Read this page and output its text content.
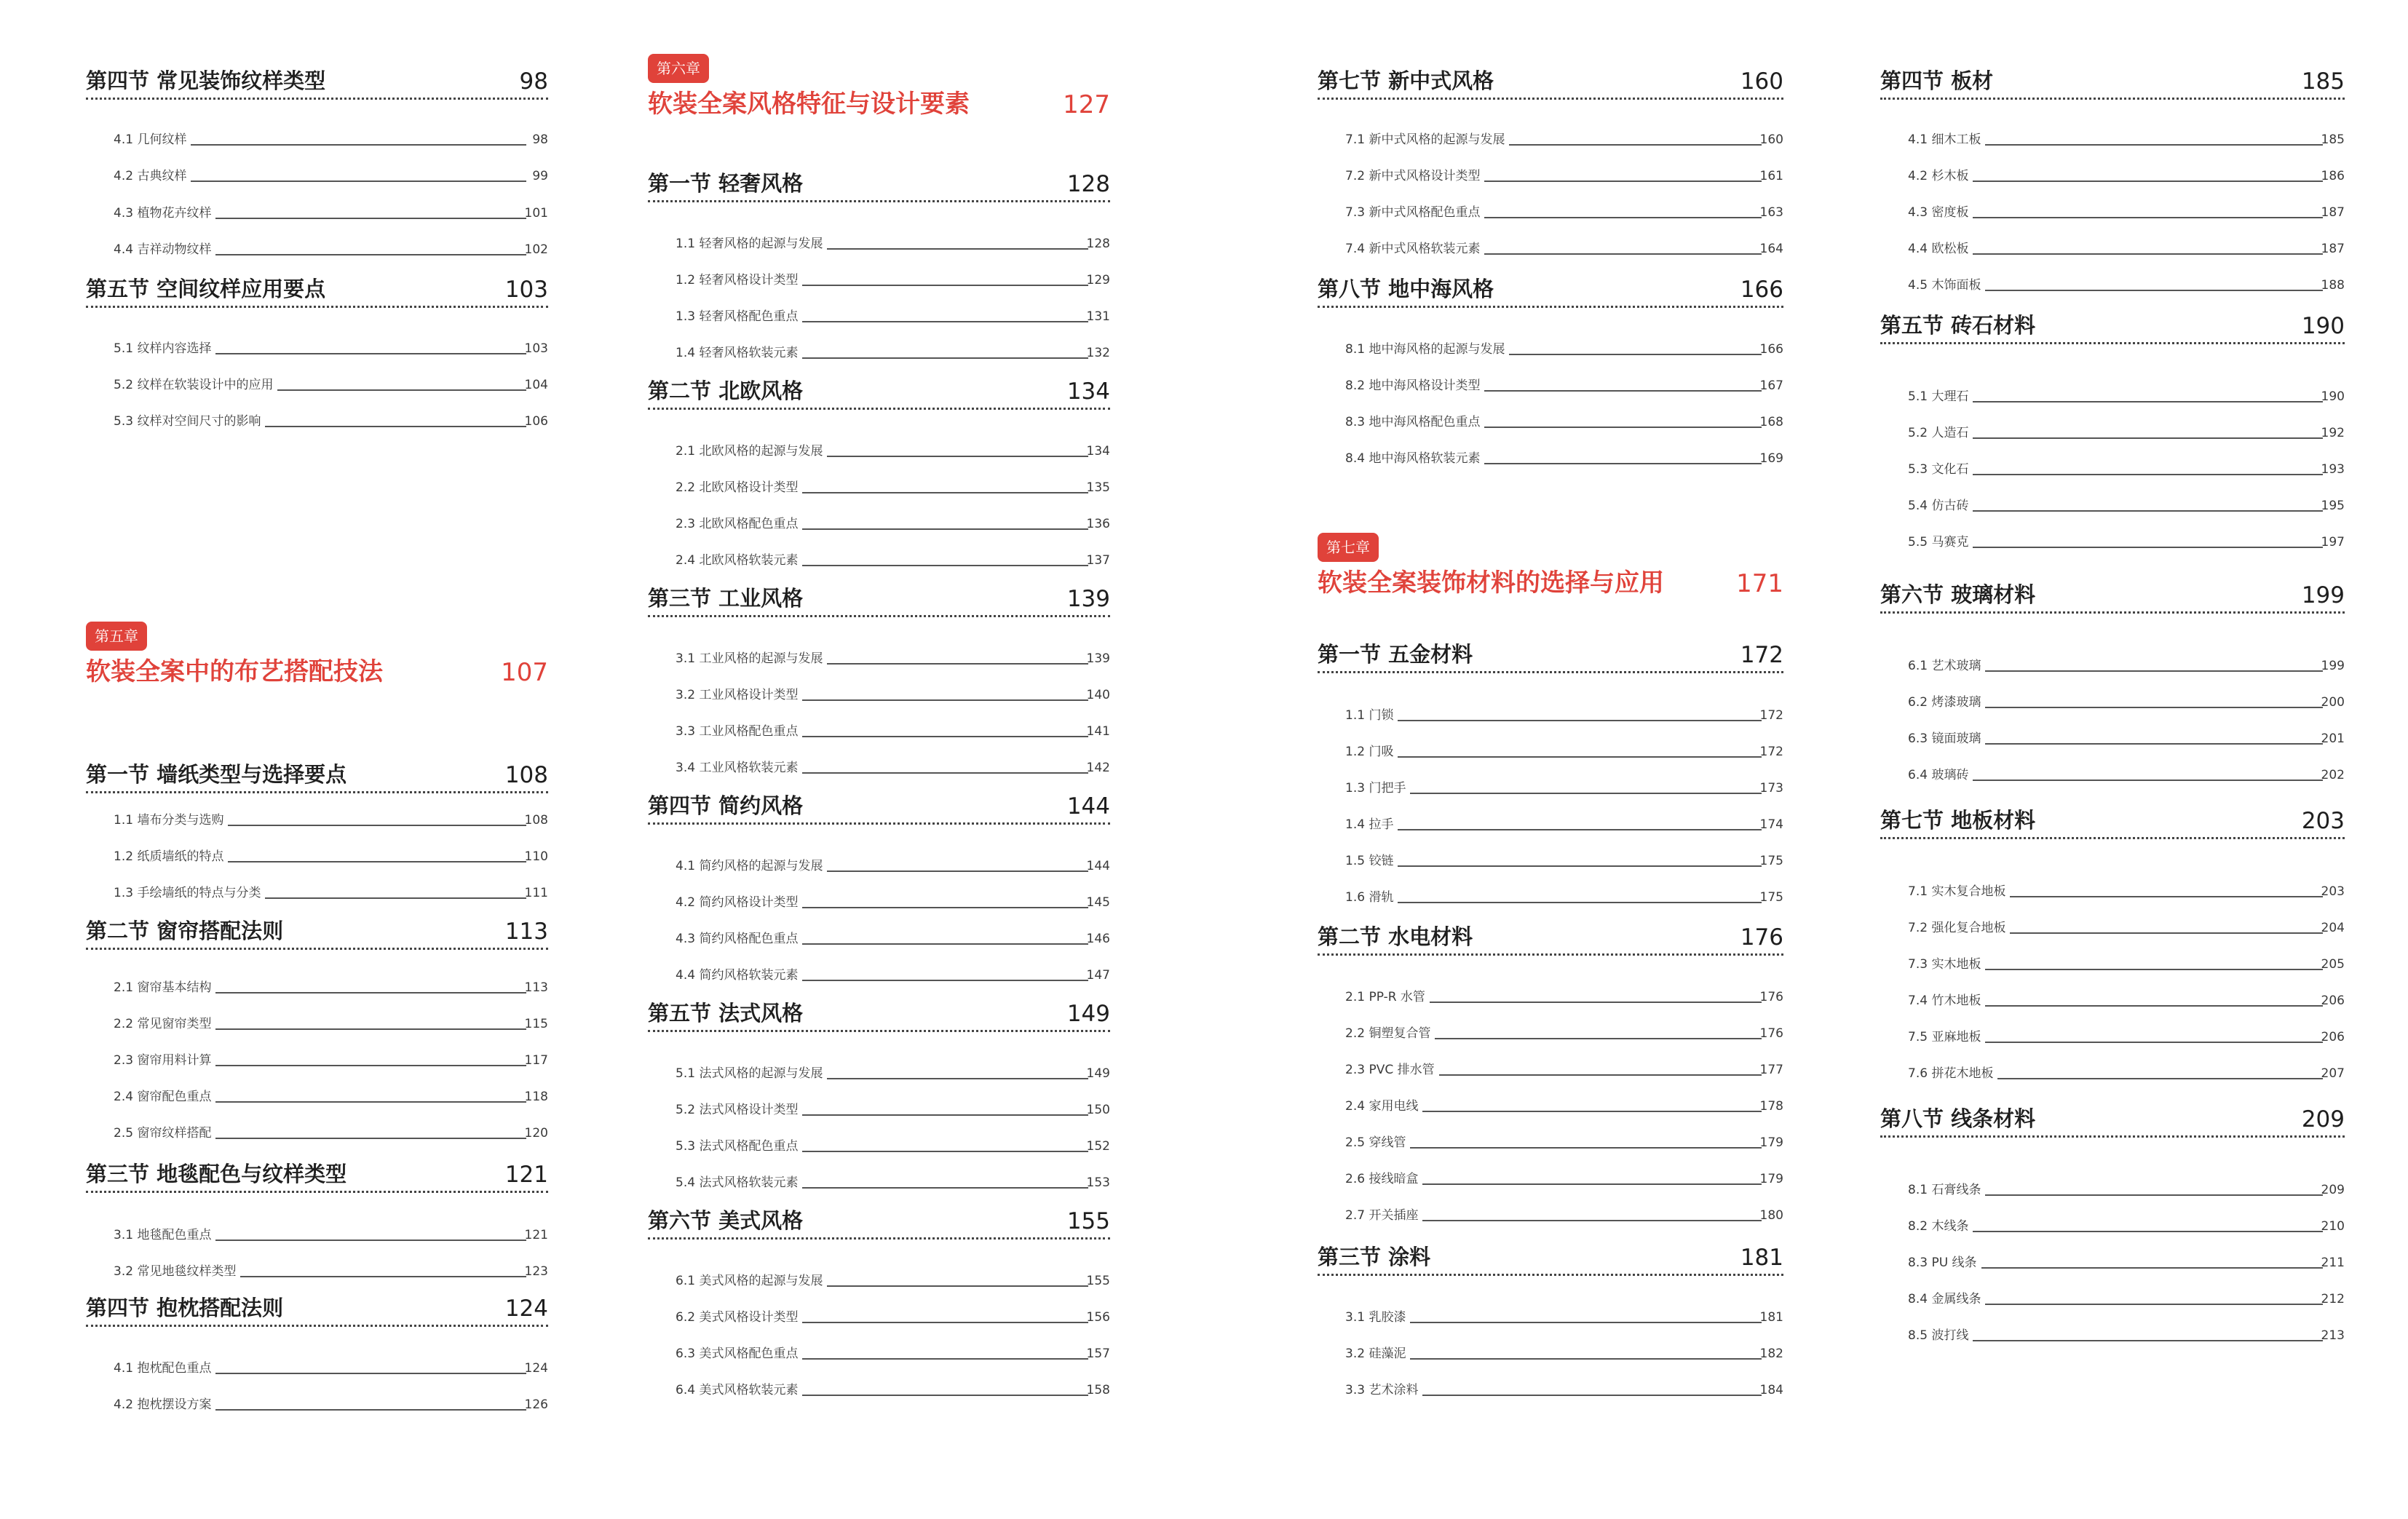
第四节 常见装饰纹样类型	98
4.1 几何纹样	98
4.2 古典纹样	99
4.3 植物花卉纹样	101
4.4 吉祥动物纹样	102
第五节 空间纹样应用要点	103
5.1 纹样内容选择	103
5.2 纹样在软装设计中的应用	104
5.3 纹样对空间尺寸的影响	106
第五章
软装全案中的布艺搭配技法	107
第一节 墙纸类型与选择要点	108
1.1 墙布分类与选购	108
1.2 纸质墙纸的特点	110
1.3 手绘墙纸的特点与分类	111
第二节 窗帘搭配法则	113
2.1 窗帘基本结构	113
2.2 常见窗帘类型	115
2.3 窗帘用料计算	117
2.4 窗帘配色重点	118
2.5 窗帘纹样搭配	120
第三节 地毯配色与纹样类型	121
3.1 地毯配色重点	121
3.2 常见地毯纹样类型	123
第四节 抱枕搭配法则	124
4.1 抱枕配色重点	124
4.2 抱枕摆设方案	126
第六章
软装全案风格特征与设计要素	127
第一节 轻奢风格	128
1.1 轻奢风格的起源与发展	128
1.2 轻奢风格设计类型	129
1.3 轻奢风格配色重点	131
1.4 轻奢风格软装元素	132
第二节 北欧风格	134
2.1 北欧风格的起源与发展	134
2.2 北欧风格设计类型	135
2.3 北欧风格配色重点	136
2.4 北欧风格软装元素	137
第三节 工业风格	139
3.1 工业风格的起源与发展	139
3.2 工业风格设计类型	140
3.3 工业风格配色重点	141
3.4 工业风格软装元素	142
第四节 简约风格	144
4.1 简约风格的起源与发展	144
4.2 简约风格设计类型	145
4.3 简约风格配色重点	146
4.4 简约风格软装元素	147
第五节 法式风格	149
5.1 法式风格的起源与发展	149
5.2 法式风格设计类型	150
5.3 法式风格配色重点	152
5.4 法式风格软装元素	153
第六节 美式风格	155
6.1 美式风格的起源与发展	155
6.2 美式风格设计类型	156
6.3 美式风格配色重点	157
6.4 美式风格软装元素	158
第七节 新中式风格	160
7.1 新中式风格的起源与发展	160
7.2 新中式风格设计类型	161
7.3 新中式风格配色重点	163
7.4 新中式风格软装元素	164
第八节 地中海风格	166
8.1 地中海风格的起源与发展	166
8.2 地中海风格设计类型	167
8.3 地中海风格配色重点	168
8.4 地中海风格软装元素	169
第七章
软装全案装饰材料的选择与应用	171
第一节 五金材料	172
1.1 门锁	172
1.2 门吸	172
1.3 门把手	173
1.4 拉手	174
1.5 铰链	175
1.6 滑轨	175
第二节 水电材料	176
2.1 PP-R 水管	176
2.2 铜塑复合管	176
2.3 PVC 排水管	177
2.4 家用电线	178
2.5 穿线管	179
2.6 接线暗盒	179
2.7 开关插座	180
第三节 涂料	181
3.1 乳胶漆	181
3.2 硅藻泥	182
3.3 艺术涂料	184
第四节 板材	185
4.1 细木工板	185
4.2 杉木板	186
4.3 密度板	187
4.4 欧松板	187
4.5 木饰面板	188
第五节 砖石材料	190
5.1 大理石	190
5.2 人造石	192
5.3 文化石	193
5.4 仿古砖	195
5.5 马赛克	197
第六节 玻璃材料	199
6.1 艺术玻璃	199
6.2 烤漆玻璃	200
6.3 镜面玻璃	201
6.4 玻璃砖	202
第七节 地板材料	203
7.1 实木复合地板	203
7.2 强化复合地板	204
7.3 实木地板	205
7.4 竹木地板	206
7.5 亚麻地板	206
7.6 拼花木地板	207
第八节 线条材料	209
8.1 石膏线条	209
8.2 木线条	210
8.3 PU 线条	211
8.4 金属线条	212
8.5 波打线	213
